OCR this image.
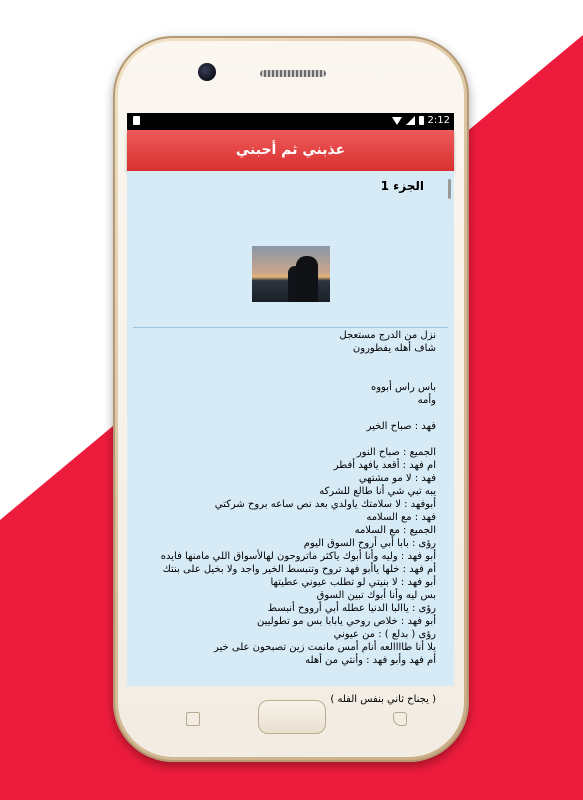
2:12
عذبني ثم أحبني
الجزء 1
نزل من الدرج مستعجل
شاف أهله يفطورون
باس راس أبووه
وأمه
فهد : صباح الخير
الجميع : صباح النور
ام فهد : أقعد يافهد أفطر
فهد : لا مو مشتهي
يبه تبي شي أنا طالع للشركه
أبوفهد : لا سلامتك ياولدي بعد نص ساعه بروح شركتي
فهد : مع السلامه
الجميع : مع السلامه
رؤى : بابا أبي أروح السوق اليوم
أبو فهد : وليه وأنا أبوك ياكثر ماتروحون لهالأسواق اللي مامنها فايده
أم فهد : خلها ياأبو فهد تروح وتنبسط الخير واجد ولا بخيل على بنتك
أبو فهد : لا بنيتي لو تطلب عيوني عطيتها
بس ليه وأنا أبوك تبين السوق
رؤى : ياالبا الدنيا عطله أبي أرووح أنبسط
أبو فهد : خلاص روحي يابابا بس مو تطوليين
رؤى ( بدلع ) : من عيوني
يلا أنا طاااالعه أنام أمس مانمت زين تصبحون على خير
أم فهد وأبو فهد : وأنتي من أهله
( يجناح ثاني بنفس الفله )
